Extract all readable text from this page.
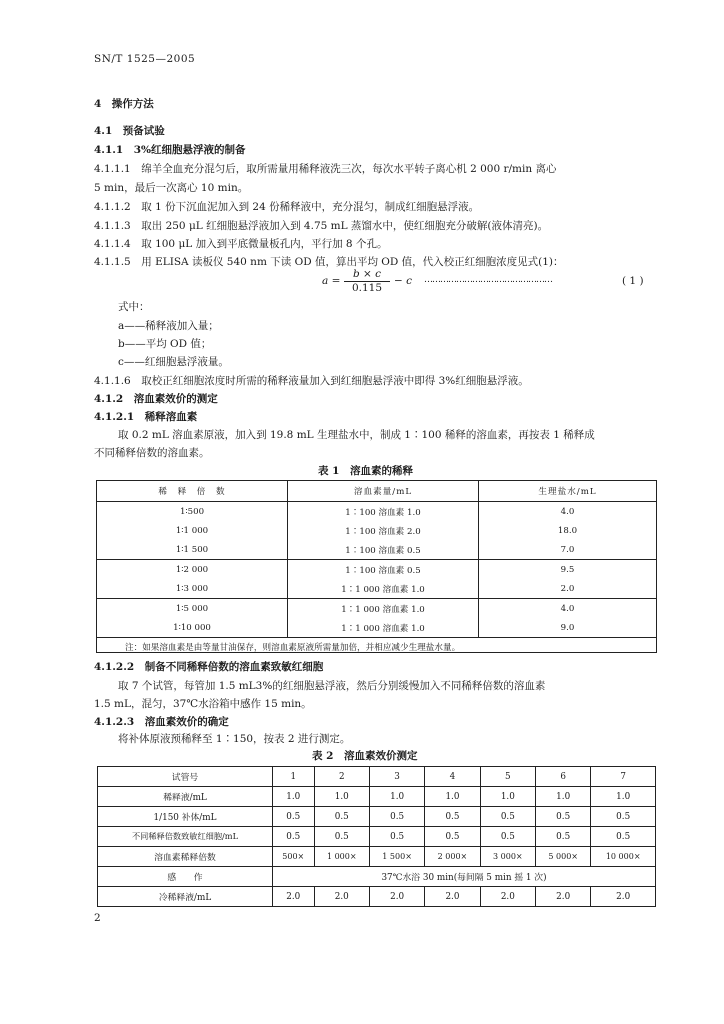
SN/T 1525—2005
4　操作方法
4.1　预备试验
4.1.1　3%红细胞悬浮液的制备
4.1.1.1　绵羊全血充分混匀后，取所需量用稀释液洗三次，每次水平转子离心机 2 000 r/min 离心
5 min，最后一次离心 10 min。
4.1.1.2　取 1 份下沉血泥加入到 24 份稀释液中，充分混匀，制成红细胞悬浮液。
4.1.1.3　取出 250 μL 红细胞悬浮液加入到 4.75 mL 蒸馏水中，使红细胞充分破解(液体清亮)。
4.1.1.4　取 100 μL 加入到平底微量板孔内，平行加 8 个孔。
4.1.1.5　用 ELISA 读板仪 540 nm 下读 OD 值，算出平均 OD 值，代入校正红细胞浓度见式(1)：
$a = \frac{b \times c}{0.115} - c$ …………………………………………	( 1 )
式中：
a——稀释液加入量；
b——平均 OD 值；
c——红细胞悬浮液量。
4.1.1.6　取校正红细胞浓度时所需的稀释液量加入到红细胞悬浮液中即得 3%红细胞悬浮液。
4.1.2　溶血素效价的测定
4.1.2.1　稀释溶血素
取 0.2 mL 溶血素原液，加入到 19.8 mL 生理盐水中，制成 1∶100 稀释的溶血素，再按表 1 稀释成
不同稀释倍数的溶血素。
表 1　溶血素的稀释
稀　释　倍　数	溶血素量/mL	生理盐水/mL
1∶500	1∶100 溶血素 1.0	4.0
1∶1 000	1∶100 溶血素 2.0	18.0
1∶1 500	1∶100 溶血素 0.5	7.0
1∶2 000	1∶100 溶血素 0.5	9.5
1∶3 000	1∶1 000 溶血素 1.0	2.0
1∶5 000	1∶1 000 溶血素 1.0	4.0
1∶10 000	1∶1 000 溶血素 1.0	9.0
注：如果溶血素是由等量甘油保存，则溶血素原液所需量加倍，并相应减少生理盐水量。		
4.1.2.2　制备不同稀释倍数的溶血素致敏红细胞
取 7 个试管，每管加 1.5 mL3%的红细胞悬浮液，然后分别缓慢加入不同稀释倍数的溶血素
1.5 mL，混匀，37℃水浴箱中感作 15 min。
4.1.2.3　溶血素效价的确定
将补体原液预稀释至 1∶150，按表 2 进行测定。
表 2　溶血素效价测定
试管号	1	2	3	4	5	6	7
稀释液/mL	1.0	1.0	1.0	1.0	1.0	1.0	1.0
1/150 补体/mL	0.5	0.5	0.5	0.5	0.5	0.5	0.5
不同稀释倍数致敏红细胞/mL	0.5	0.5	0.5	0.5	0.5	0.5	0.5
溶血素稀释倍数	500×	1 000×	1 500×	2 000×	3 000×	5 000×	10 000×
感　　作	37℃水浴 30 min(每间隔 5 min 摇 1 次)						
冷稀释液/mL	2.0	2.0	2.0	2.0	2.0	2.0	2.0
2
